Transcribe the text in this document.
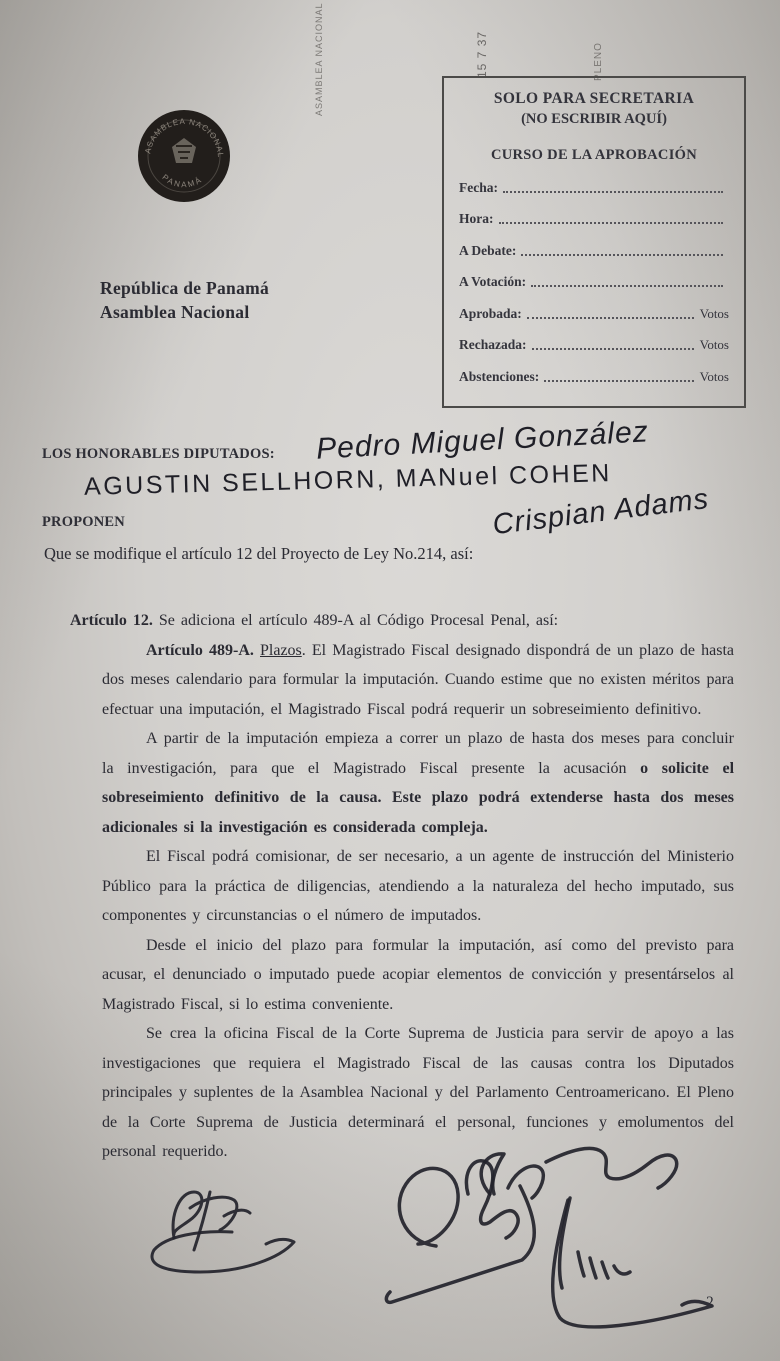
ASAMBLEA NACIONAL	15 7 37	PLENO
ASAMBLEA NACIONAL
PANAMÁ
República de Panamá
Asamblea Nacional
SOLO PARA SECRETARIA
(NO ESCRIBIR AQUÍ)
CURSO DE LA APROBACIÓN
Fecha:
Hora:
A Debate:
A Votación:
Aprobada:	Votos
Rechazada:	Votos
Abstenciones:	Votos
LOS HONORABLES DIPUTADOS: Pedro Miguel González
AGUSTIN SELLHORN, MANuel COHEN
PROPONEN
Que se modifique el artículo 12 del Proyecto de Ley No.214, así:
Crispian Adams

Artículo 12. Se adiciona el artículo 489-A al Código Procesal Penal, así:

Artículo 489-A. Plazos. El Magistrado Fiscal designado dispondrá de un plazo de hasta dos meses calendario para formular la imputación. Cuando estime que no existen méritos para efectuar una imputación, el Magistrado Fiscal podrá requerir un sobreseimiento definitivo.

A partir de la imputación empieza a correr un plazo de hasta dos meses para concluir la investigación, para que el Magistrado Fiscal presente la acusación o solicite el sobreseimiento definitivo de la causa. Este plazo podrá extenderse hasta dos meses adicionales si la investigación es considerada compleja.

El Fiscal podrá comisionar, de ser necesario, a un agente de instrucción del Ministerio Público para la práctica de diligencias, atendiendo a la naturaleza del hecho imputado, sus componentes y circunstancias o el número de imputados.

Desde el inicio del plazo para formular la imputación, así como del previsto para acusar, el denunciado o imputado puede acopiar elementos de convicción y presentárselos al Magistrado Fiscal, si lo estima conveniente.

Se crea la oficina Fiscal de la Corte Suprema de Justicia para servir de apoyo a las investigaciones que requiera el Magistrado Fiscal de las causas contra los Diputados principales y suplentes de la Asamblea Nacional y del Parlamento Centroamericano. El Pleno de la Corte Suprema de Justicia determinará el personal, funciones y emolumentos del personal requerido.

2
